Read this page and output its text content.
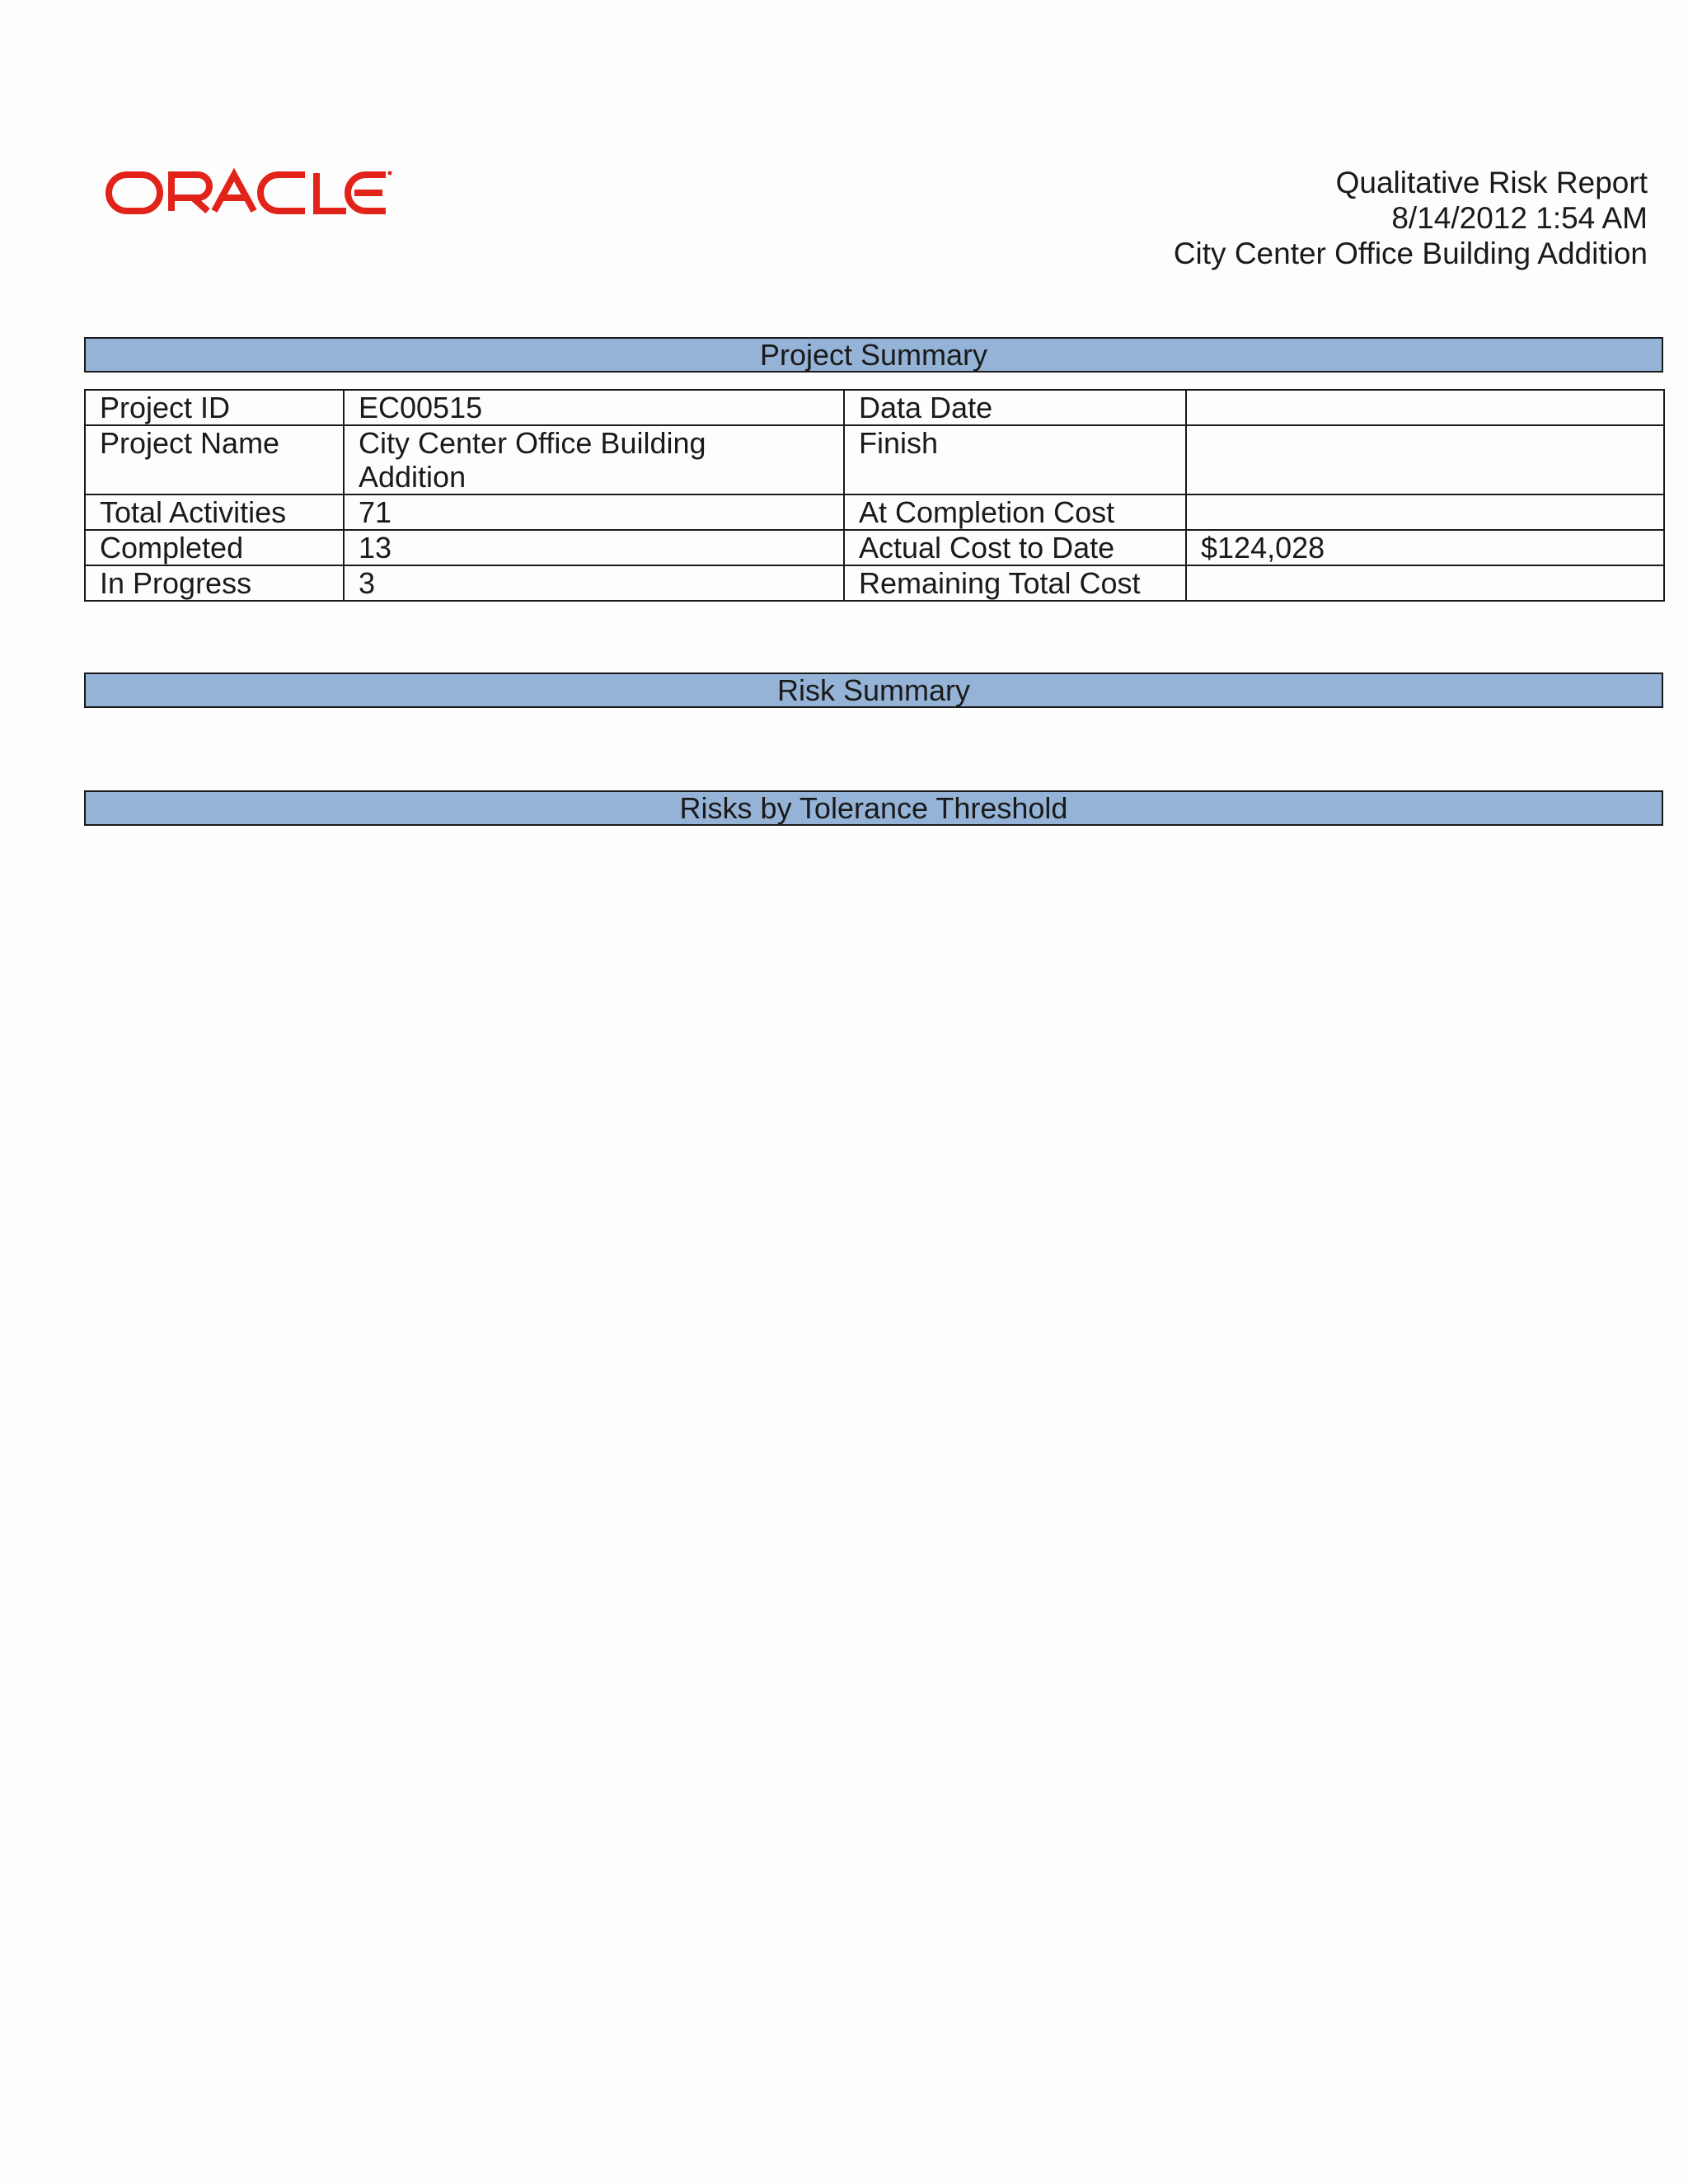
Qualitative Risk Report
8/14/2012 1:54 AM
City Center Office Building Addition
Project Summary
Project ID	EC00515	Data Date	
Project Name	City Center Office Building Addition	Finish	
Total Activities	71	At Completion Cost	
Completed	13	Actual Cost to Date	$124,028
In Progress	3	Remaining Total Cost	
Risk Summary
Risks by Tolerance Threshold
